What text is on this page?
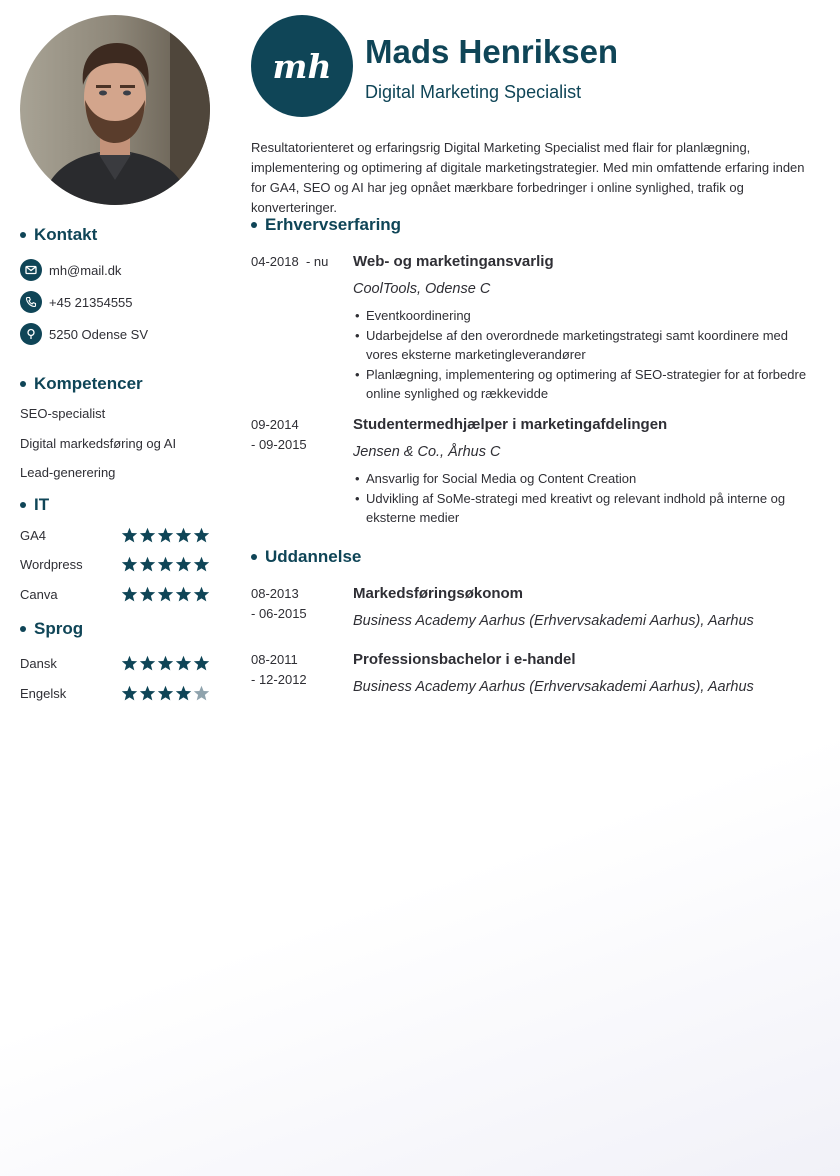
Kontakt
mh@mail.dk
+45 21354555
5250 Odense SV
Kompetencer
SEO-specialist
Digital markedsføring og AI
Lead-generering
IT
GA4
Wordpress
Canva
Sprog
Dansk
Engelsk
mh Mads Henriksen
Digital Marketing Specialist
Resultatorienteret og erfaringsrig Digital Marketing Specialist med flair for planlægning, implementering og optimering af digitale marketingstrategier. Med min omfattende erfaring inden for GA4, SEO og AI har jeg opnået mærkbare forbedringer i online synlighed, trafik og konverteringer.
Erhvervserfaring
04-2018 - nu	Web- og marketingansvarlig
CoolTools, Odense C
• Eventkoordinering
• Udarbejdelse af den overordnede marketingstrategi samt koordinere med vores eksterne marketingleverandører
• Planlægning, implementering og optimering af SEO-strategier for at forbedre online synlighed og rækkevidde
09-2014
- 09-2015
Studentermedhjælper i marketingafdelingen
Jensen & Co., Århus C
• Ansvarlig for Social Media og Content Creation
• Udvikling af SoMe-strategi med kreativt og relevant indhold på interne og eksterne medier
Uddannelse
08-2013
- 06-2015
Markedsføringsøkonom
Business Academy Aarhus (Erhvervsakademi Aarhus), Aarhus
08-2011
- 12-2012
Professionsbachelor i e-handel
Business Academy Aarhus (Erhvervsakademi Aarhus), Aarhus
